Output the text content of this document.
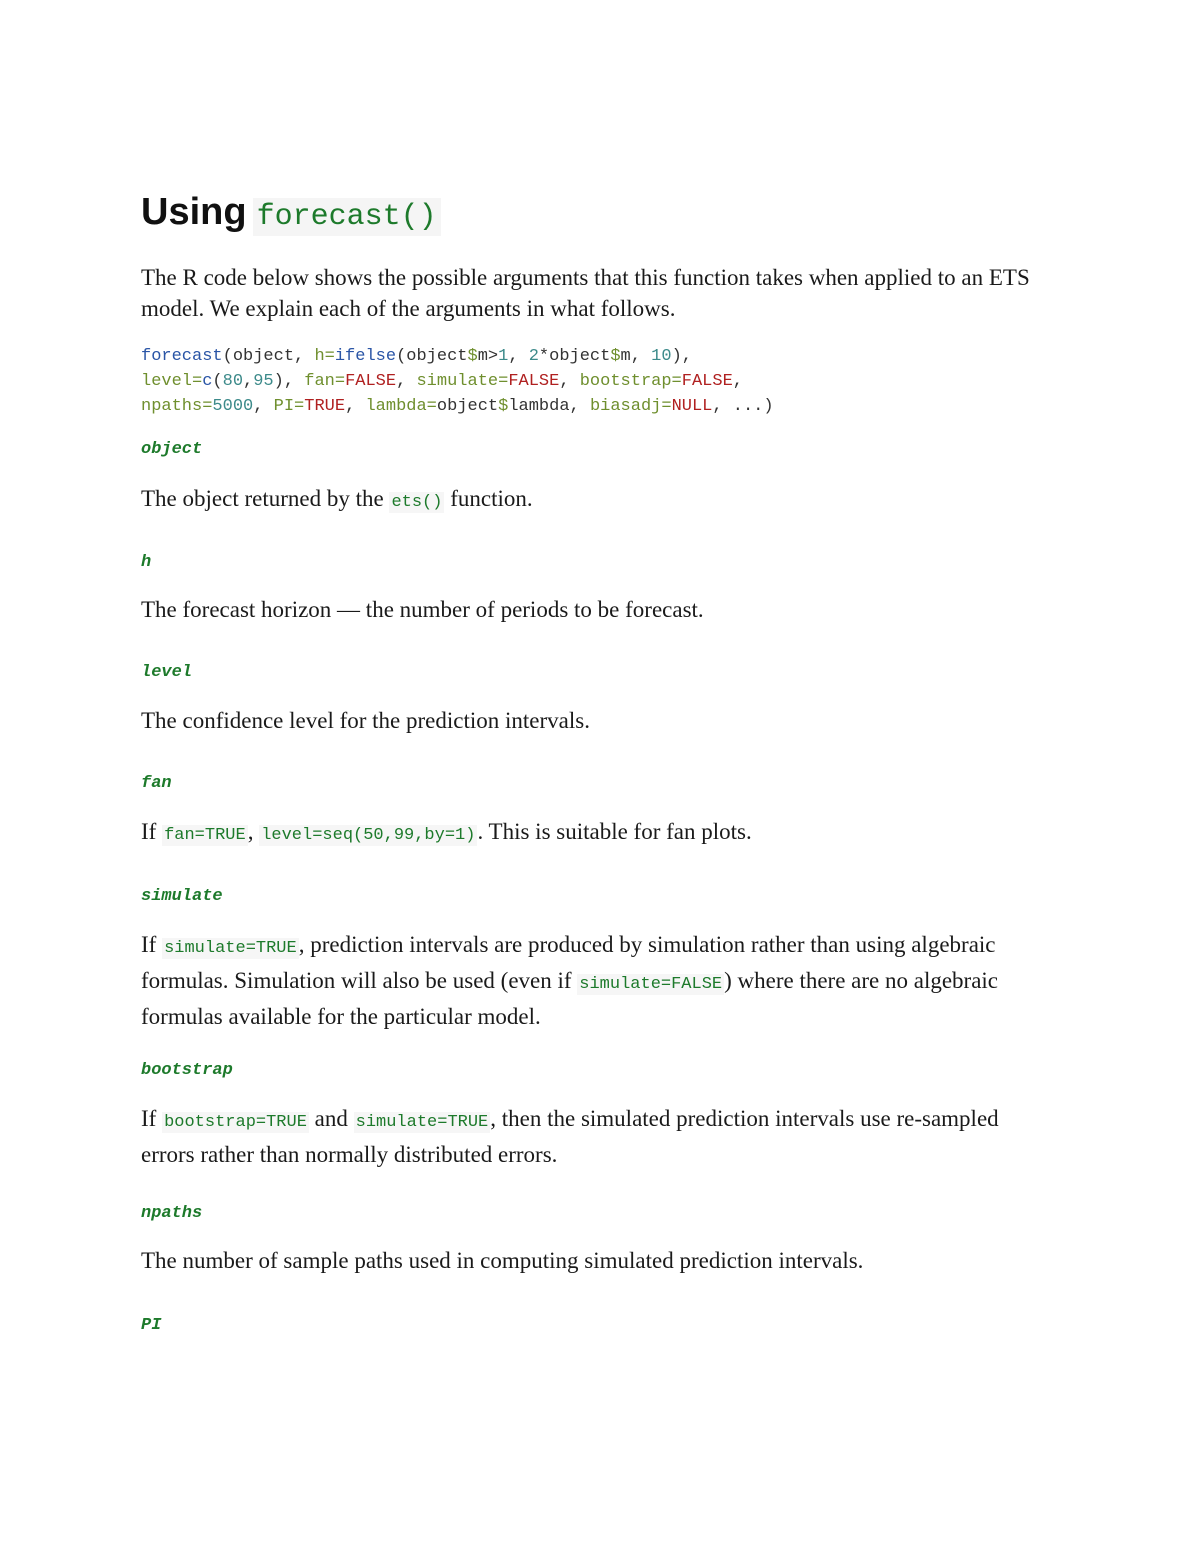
Using forecast()

The R code below shows the possible arguments that this function takes when applied to an ETS model. We explain each of the arguments in what follows.

forecast(object, h=ifelse(object$m>1, 2*object$m, 10),
level=c(80,95), fan=FALSE, simulate=FALSE, bootstrap=FALSE,
npaths=5000, PI=TRUE, lambda=object$lambda, biasadj=NULL, ...)
object

The object returned by the ets() function.

h

The forecast horizon — the number of periods to be forecast.

level

The confidence level for the prediction intervals.

fan

If fan=TRUE, level=seq(50,99,by=1). This is suitable for fan plots.

simulate

If simulate=TRUE, prediction intervals are produced by simulation rather than using algebraic formulas. Simulation will also be used (even if simulate=FALSE) where there are no algebraic formulas available for the particular model.

bootstrap

If bootstrap=TRUE and simulate=TRUE, then the simulated prediction intervals use re-sampled errors rather than normally distributed errors.

npaths

The number of sample paths used in computing simulated prediction intervals.

PI
